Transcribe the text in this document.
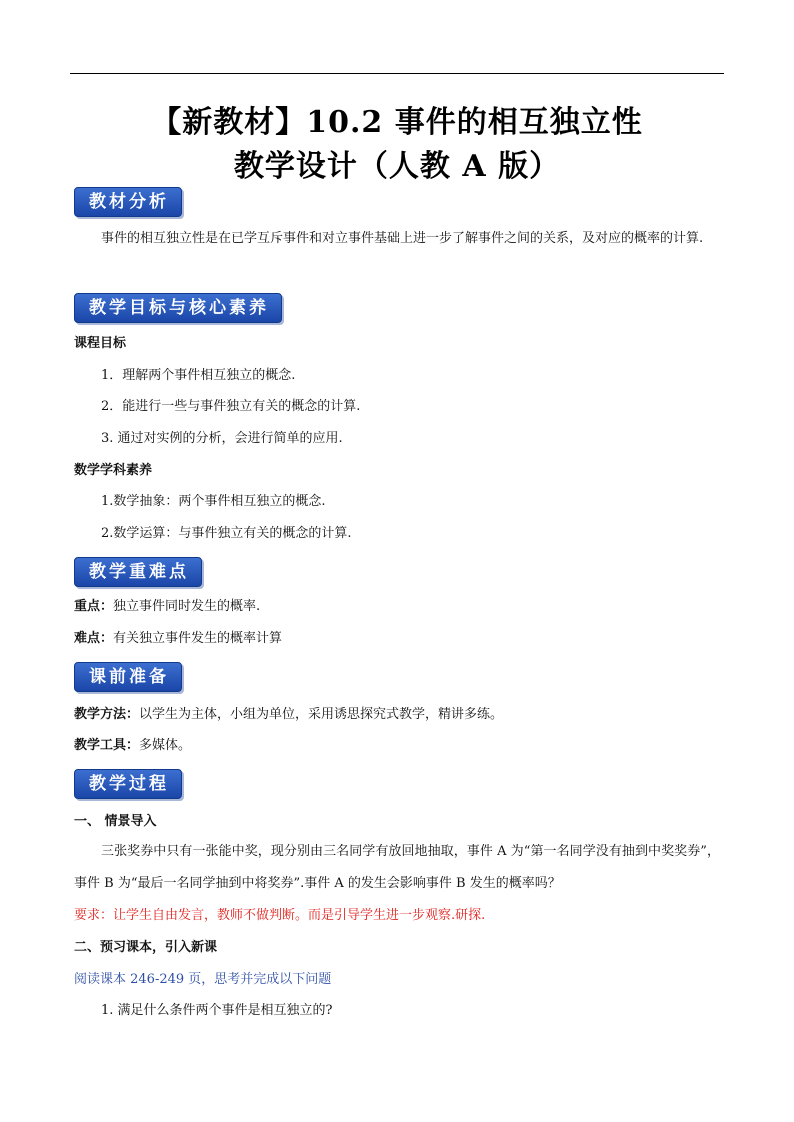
【新教材】10.2 事件的相互独立性
教学设计（人教 A 版）
教材分析
事件的相互独立性是在已学互斥事件和对立事件基础上进一步了解事件之间的关系，及对应的概率的计算.
教学目标与核心素养
课程目标
1．理解两个事件相互独立的概念.
2．能进行一些与事件独立有关的概念的计算.
3. 通过对实例的分析，会进行简单的应用.
数学学科素养
1.数学抽象：两个事件相互独立的概念.
2.数学运算：与事件独立有关的概念的计算.
教学重难点
重点：独立事件同时发生的概率.
难点：有关独立事件发生的概率计算
课前准备
教学方法：以学生为主体，小组为单位，采用诱思探究式教学，精讲多练。
教学工具：多媒体。
教学过程
一、 情景导入
三张奖券中只有一张能中奖，现分别由三名同学有放回地抽取，事件 A 为“第一名同学没有抽到中奖奖券”，事件 B 为“最后一名同学抽到中将奖券”.事件 A 的发生会影响事件 B 发生的概率吗？
要求：让学生自由发言，教师不做判断。而是引导学生进一步观察.研探.
二、预习课本，引入新课
阅读课本 246-249 页，思考并完成以下问题
1. 满足什么条件两个事件是相互独立的?
